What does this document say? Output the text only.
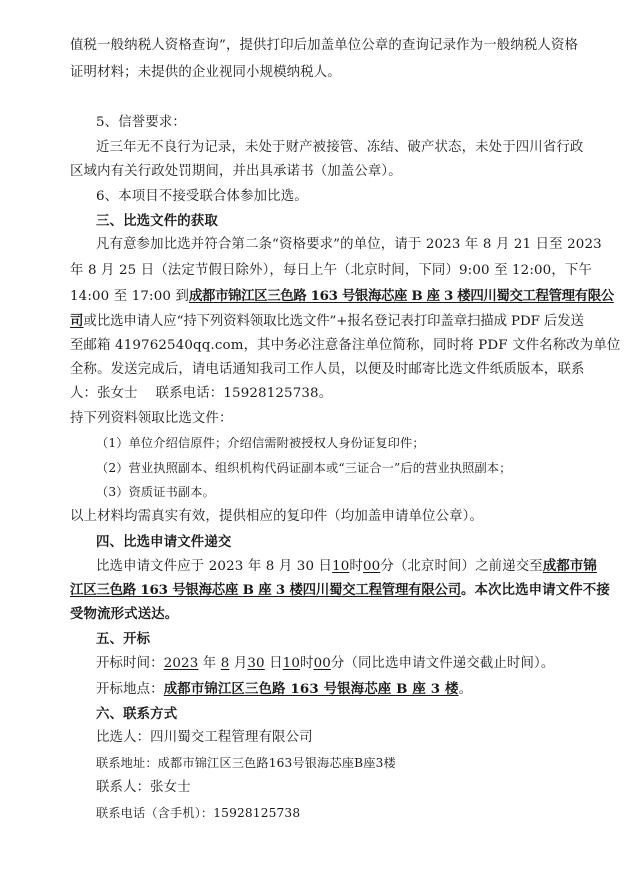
值税一般纳税人资格查询”，提供打印后加盖单位公章的查询记录作为一般纳税人资格
证明材料；未提供的企业视同小规模纳税人。
5、信誉要求：
近三年无不良行为记录，未处于财产被接管、冻结、破产状态，未处于四川省行政
区域内有关行政处罚期间，并出具承诺书（加盖公章）。
6、本项目不接受联合体参加比选。
三、比选文件的获取
凡有意参加比选并符合第二条“资格要求”的单位，请于 2023 年 8 月 21 日至 2023
年 8 月 25 日（法定节假日除外），每日上午（北京时间，下同）9:00 至 12:00，下午
14:00 至 17:00 到成都市锦江区三色路 163 号银海芯座 B 座 3 楼四川蜀交工程管理有限公
司或比选申请人应“持下列资料领取比选文件”+报名登记表打印盖章扫描成 PDF 后发送
至邮箱 419762540qq.com，其中务必注意备注单位简称，同时将 PDF 文件名称改为单位
全称。发送完成后，请电话通知我司工作人员，以便及时邮寄比选文件纸质版本，联系
人：张女士　 联系电话：15928125738。
持下列资料领取比选文件：
（1）单位介绍信原件；介绍信需附被授权人身份证复印件；
（2）营业执照副本、组织机构代码证副本或“三证合一”后的营业执照副本；
（3）资质证书副本。
以上材料均需真实有效，提供相应的复印件（均加盖申请单位公章）。
四、比选申请文件递交
比选申请文件应于 2023 年 8 月 30 日10时00分（北京时间）之前递交至成都市锦
江区三色路 163 号银海芯座 B 座 3 楼四川蜀交工程管理有限公司。本次比选申请文件不接
受物流形式送达。
五、开标
开标时间：2023 年 8 月30 日10时00分（同比选申请文件递交截止时间）。
开标地点：成都市锦江区三色路 163 号银海芯座 B 座 3 楼。
六、联系方式
比选人：四川蜀交工程管理有限公司
联系地址：成都市锦江区三色路163号银海芯座B座3楼
联系人：张女士
联系电话（含手机）：15928125738
